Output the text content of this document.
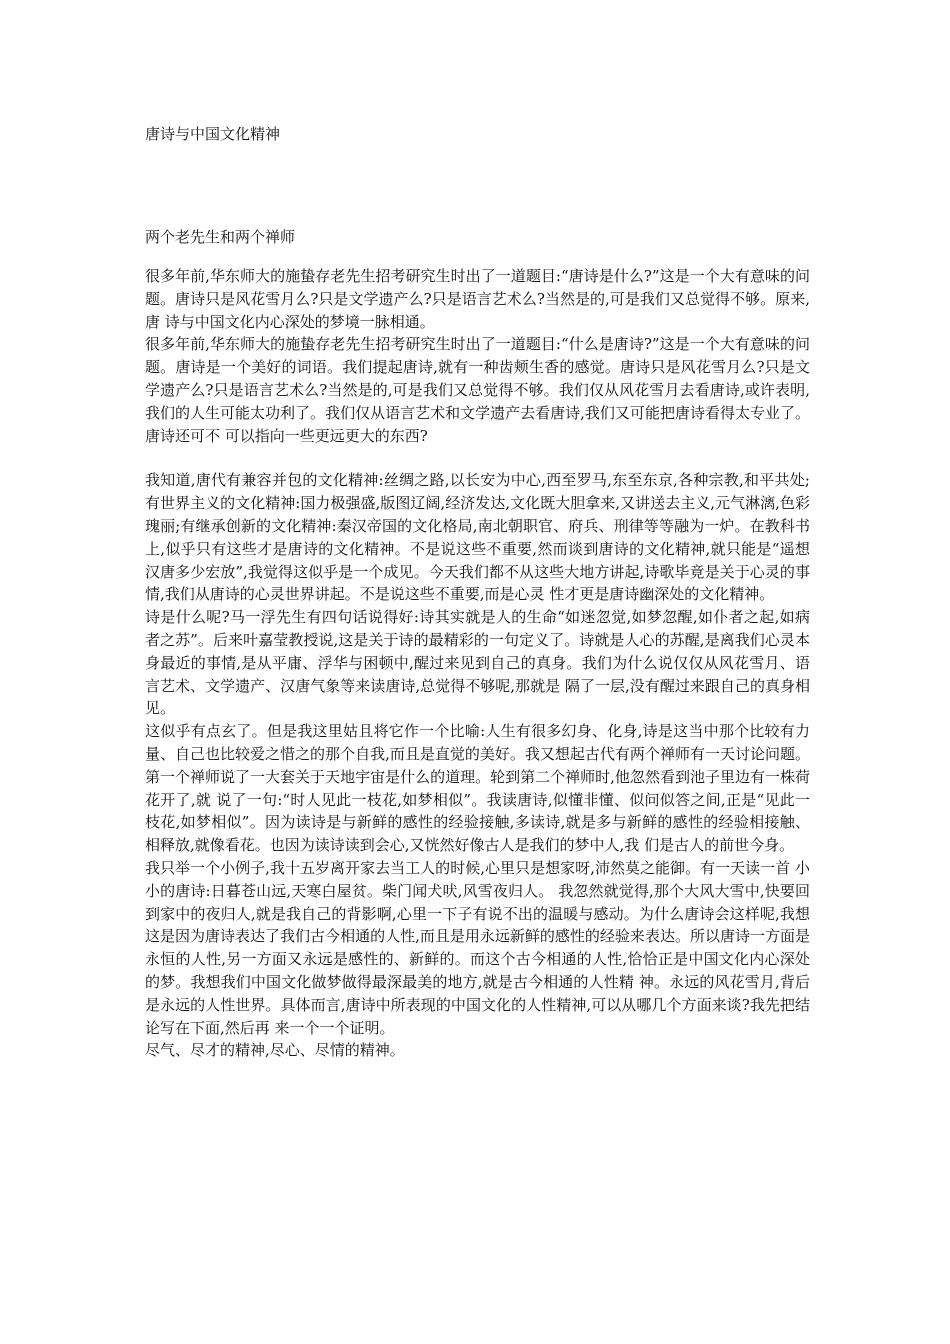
唐诗与中国文化精神
两个老先生和两个禅师

很多年前,华东师大的施蛰存老先生招考研究生时出了一道题目:“唐诗是什么?”这是一个大有意味的问题。唐诗只是风花雪月么?只是文学遗产么?只是语言艺术么?当然是的,可是我们又总觉得不够。原来,唐 诗与中国文化内心深处的梦境一脉相通。

很多年前,华东师大的施蛰存老先生招考研究生时出了一道题目:“什么是唐诗?”这是一个大有意味的问题。唐诗是一个美好的词语。我们提起唐诗,就有一种齿颊生香的感觉。唐诗只是风花雪月么?只是文学遗产么?只是语言艺术么?当然是的,可是我们又总觉得不够。我们仅从风花雪月去看唐诗,或许表明,我们的人生可能太功利了。我们仅从语言艺术和文学遗产去看唐诗,我们又可能把唐诗看得太专业了。唐诗还可不 可以指向一些更远更大的东西?

我知道,唐代有兼容并包的文化精神:丝绸之路,以长安为中心,西至罗马,东至东京,各种宗教,和平共处;有世界主义的文化精神:国力极强盛,版图辽阔,经济发达,文化既大胆拿来,又讲送去主义,元气淋漓,色彩瑰丽;有继承创新的文化精神:秦汉帝国的文化格局,南北朝职官、府兵、刑律等等融为一炉。在教科书上,似乎只有这些才是唐诗的文化精神。不是说这些不重要,然而谈到唐诗的文化精神,就只能是“遥想汉唐多少宏放”,我觉得这似乎是一个成见。今天我们都不从这些大地方讲起,诗歌毕竟是关于心灵的事情,我们从唐诗的心灵世界讲起。不是说这些不重要,而是心灵 性才更是唐诗幽深处的文化精神。

诗是什么呢?马一浮先生有四句话说得好:诗其实就是人的生命“如迷忽觉,如梦忽醒,如仆者之起,如病者之苏”。后来叶嘉莹教授说,这是关于诗的最精彩的一句定义了。诗就是人心的苏醒,是离我们心灵本身最近的事情,是从平庸、浮华与困顿中,醒过来见到自己的真身。我们为什么说仅仅从风花雪月、语言艺术、文学遗产、汉唐气象等来读唐诗,总觉得不够呢,那就是 隔了一层,没有醒过来跟自己的真身相见。

这似乎有点玄了。但是我这里姑且将它作一个比喻:人生有很多幻身、化身,诗是这当中那个比较有力量、自己也比较爱之惜之的那个自我,而且是直觉的美好。我又想起古代有两个禅师有一天讨论问题。第一个禅师说了一大套关于天地宇宙是什么的道理。轮到第二个禅师时,他忽然看到池子里边有一株荷花开了,就 说了一句:“时人见此一枝花,如梦相似”。我读唐诗,似懂非懂、似问似答之间,正是“见此一枝花,如梦相似”。因为读诗是与新鲜的感性的经验接触,多读诗,就是多与新鲜的感性的经验相接触、相释放,就像看花。也因为读诗读到会心,又恍然好像古人是我们的梦中人,我 们是古人的前世今身。

我只举一个小例子,我十五岁离开家去当工人的时候,心里只是想家呀,沛然莫之能御。有一天读一首 小小的唐诗:日暮苍山远,天寒白屋贫。柴门闻犬吠,风雪夜归人。 我忽然就觉得,那个大风大雪中,快要回到家中的夜归人,就是我自己的背影啊,心里一下子有说不出的温暖与感动。为什么唐诗会这样呢,我想这是因为唐诗表达了我们古今相通的人性,而且是用永远新鲜的感性的经验来表达。所以唐诗一方面是永恒的人性,另一方面又永远是感性的、新鲜的。而这个古今相通的人性,恰恰正是中国文化内心深处的梦。我想我们中国文化做梦做得最深最美的地方,就是古今相通的人性精 神。永远的风花雪月,背后是永远的人性世界。具体而言,唐诗中所表现的中国文化的人性精神,可以从哪几个方面来谈?我先把结论写在下面,然后再 来一个一个证明。

尽气、尽才的精神,尽心、尽情的精神。
